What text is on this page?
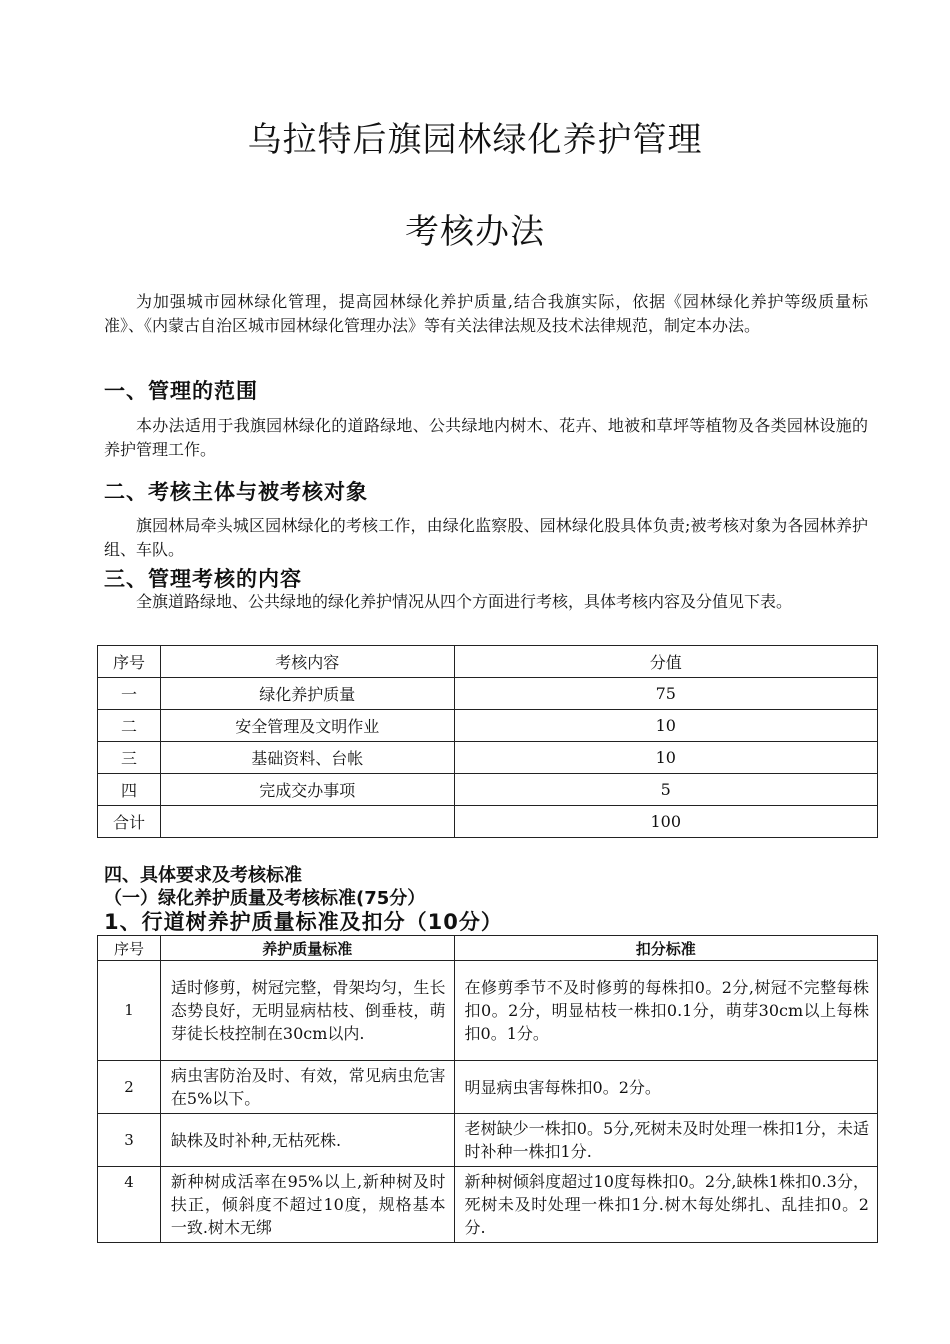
乌拉特后旗园林绿化养护管理
考核办法
为加强城市园林绿化管理，提高园林绿化养护质量,结合我旗实际，依据《园林绿化养护等级质量标准》、《内蒙古自治区城市园林绿化管理办法》等有关法律法规及技术法律规范，制定本办法。
一、管理的范围
本办法适用于我旗园林绿化的道路绿地、公共绿地内树木、花卉、地被和草坪等植物及各类园林设施的养护管理工作。
二、考核主体与被考核对象
旗园林局牵头城区园林绿化的考核工作，由绿化监察股、园林绿化股具体负责;被考核对象为各园林养护组、车队。
三、管理考核的内容
全旗道路绿地、公共绿地的绿化养护情况从四个方面进行考核，具体考核内容及分值见下表。
序号	考核内容	分值
一	绿化养护质量	75
二	安全管理及文明作业	10
三	基础资料、台帐	10
四	完成交办事项	5
合计		100
四、具体要求及考核标准
（一）绿化养护质量及考核标准(75分）
1、行道树养护质量标准及扣分（10分）
序号	养护质量标准	扣分标准
1	适时修剪，树冠完整，骨架均匀，生长态势良好，无明显病枯枝、倒垂枝，萌芽徒长枝控制在30cm以内.	在修剪季节不及时修剪的每株扣0。2分,树冠不完整每株扣0。2分，明显枯枝一株扣0.1分，萌芽30cm以上每株扣0。1分。
2	病虫害防治及时、有效，常见病虫危害在5%以下。	明显病虫害每株扣0。2分。
3	缺株及时补种,无枯死株.	老树缺少一株扣0。5分,死树未及时处理一株扣1分，未适时补种一株扣1分.
4	新种树成活率在95%以上,新种树及时扶正，倾斜度不超过10度，规格基本一致.树木无绑	新种树倾斜度超过10度每株扣0。2分,缺株1株扣0.3分，死树未及时处理一株扣1分.树木每处绑扎、乱挂扣0。2分.
